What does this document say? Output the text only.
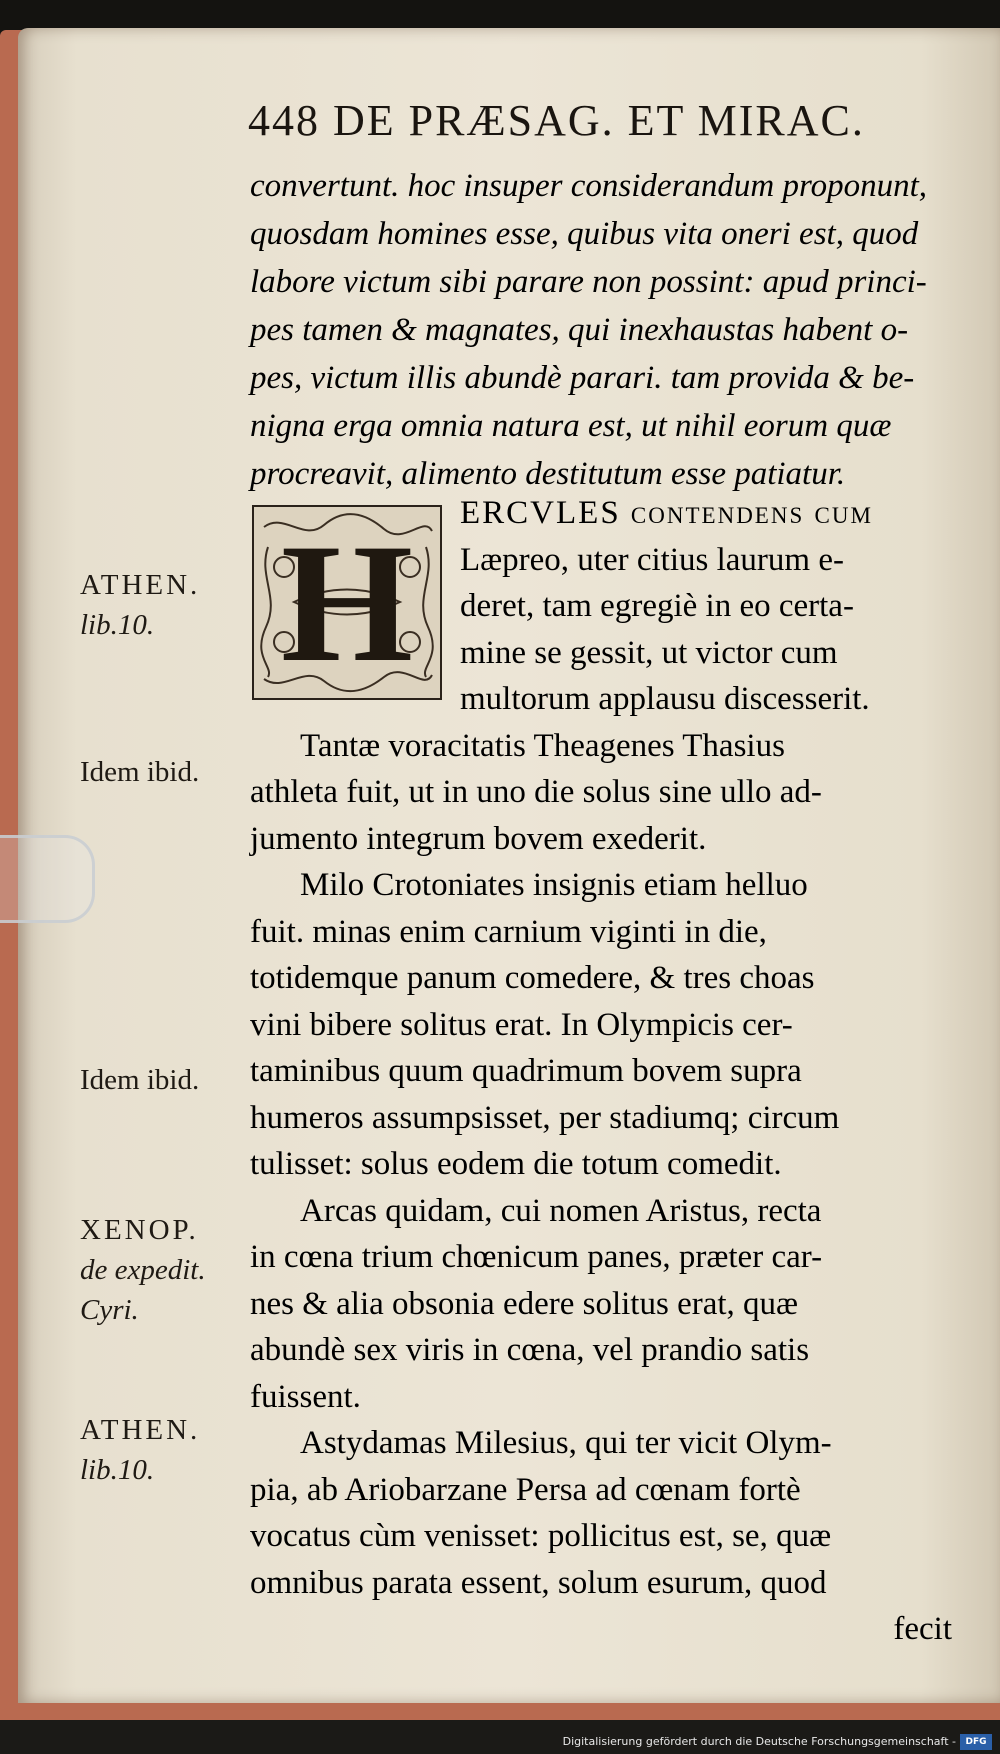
448 DE PRÆSAG. ET MIRAC.
convertunt. hoc insuper considerandum proponunt,
quosdam homines esse, quibus vita oneri est, quod
labore victum sibi parare non possint: apud princi-
pes tamen & magnates, qui inexhaustas habent o-
pes, victum illis abundè parari. tam provida & be-
nigna erga omnia natura est, ut nihil eorum quæ
procreavit, alimento destitutum esse patiatur.
H	ERCVLES contendens cum
Læpreo, uter citius laurum e-
deret, tam egregiè in eo certa-
mine se gessit, ut victor cum
multorum applausu discesserit.
Tantæ voracitatis Theagenes Thasius
athleta fuit, ut in uno die solus sine ullo ad-
jumento integrum bovem exederit.
Milo Crotoniates insignis etiam helluo
fuit. minas enim carnium viginti in die,
totidemque panum comedere, & tres choas
vini bibere solitus erat. In Olympicis cer-
taminibus quum quadrimum bovem supra
humeros assumpsisset, per stadiumq; circum
tulisset: solus eodem die totum comedit.
Arcas quidam, cui nomen Aristus, recta
in cœna trium chœnicum panes, præter car-
nes & alia obsonia edere solitus erat, quæ
abundè sex viris in cœna, vel prandio satis
fuissent.
Astydamas Milesius, qui ter vicit Olym-
pia, ab Ariobarzane Persa ad cœnam fortè
vocatus cùm venisset: pollicitus est, se, quæ
omnibus parata essent, solum esurum, quod
fecit
ATHEN.
lib.10.
Idem ibid.
Idem ibid.
XENOP.
de expedit.
Cyri.
ATHEN.
lib.10.
Digitalisierung gefördert durch die Deutsche Forschungsgemeinschaft -	DFG
